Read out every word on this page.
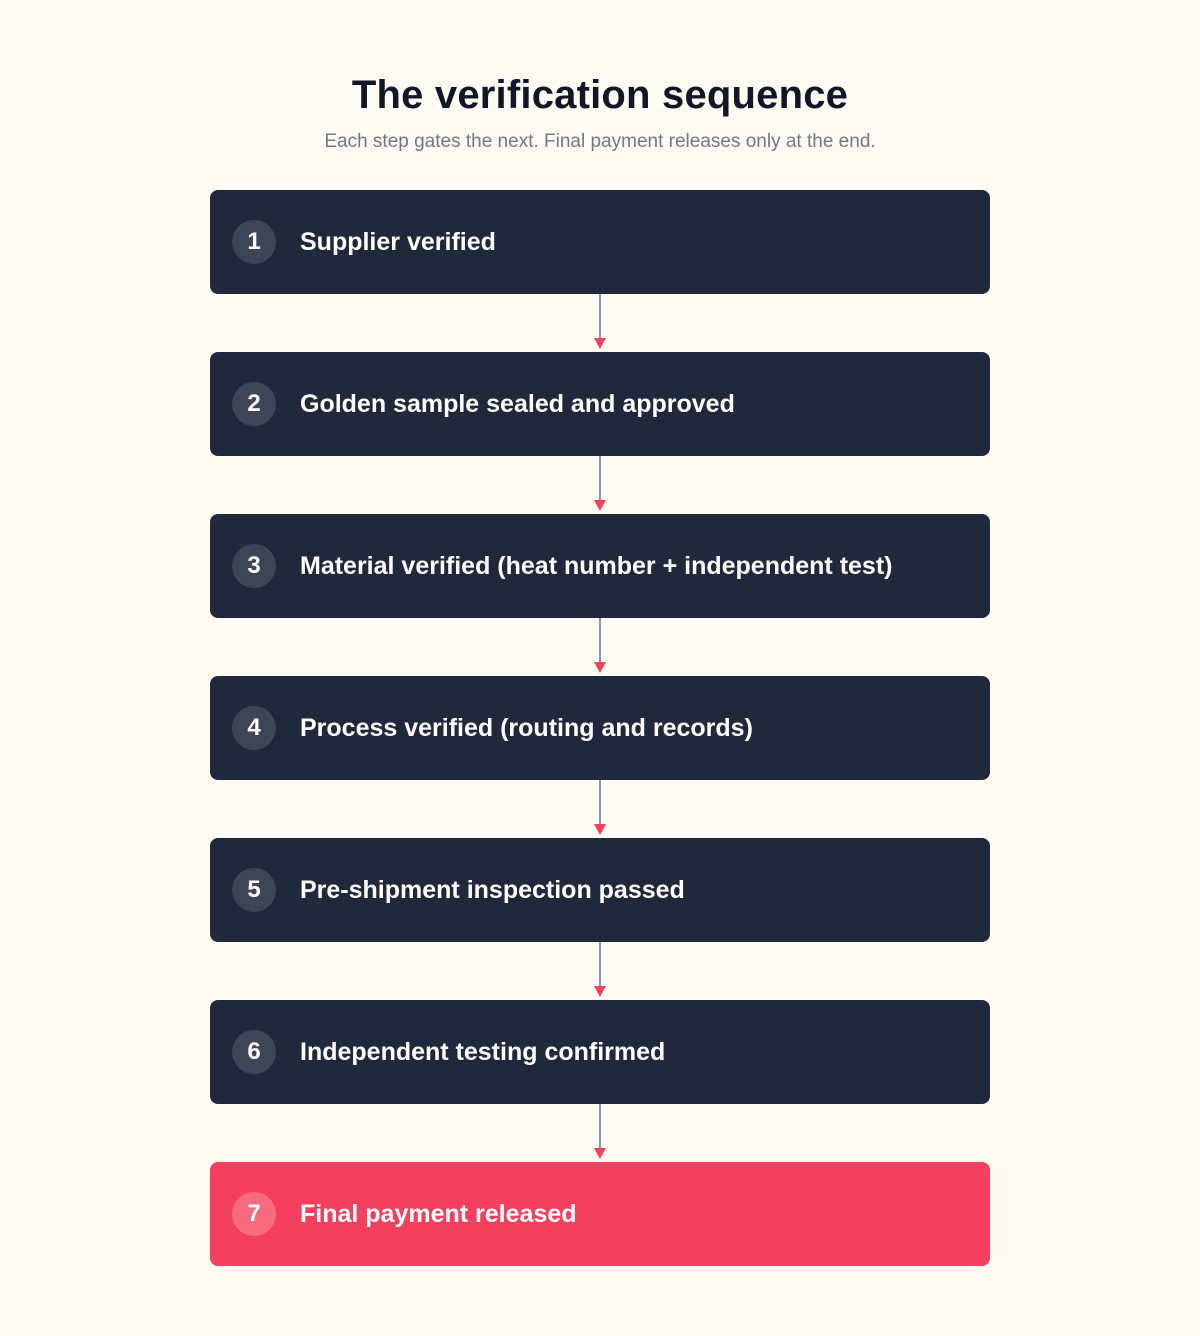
The verification sequence

Each step gates the next. Final payment releases only at the end.

1	Supplier verified
2	Golden sample sealed and approved
3	Material verified (heat number + independent test)
4	Process verified (routing and records)
5	Pre-shipment inspection passed
6	Independent testing confirmed
7	Final payment released
